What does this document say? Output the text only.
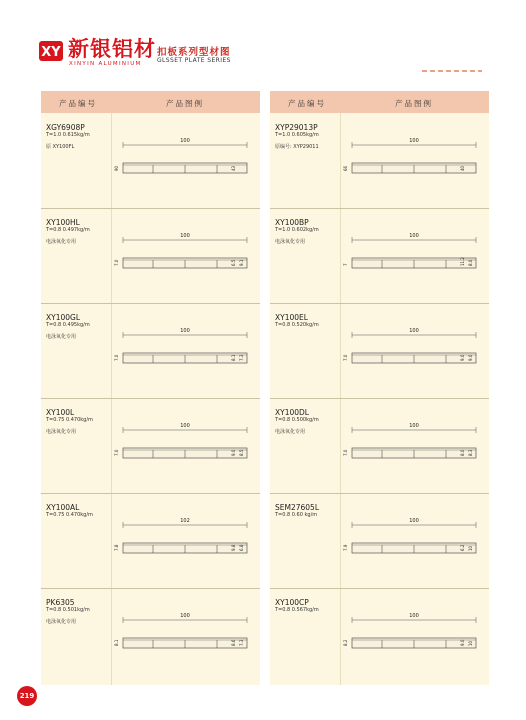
XY 新银铝材
XINYIN ALUMINIUM
扣板系列型材图
GLSSET PLATE SERIES
产品编号	产品图例
XGY6908P
T=1.0 0.615kg/m
原 XY100FL
100
90	43
XY100HL
T=0.8 0.497kg/m
电泳氧化专用
100
7.0	6.5 9.1
XY100GL
T=0.8 0.495kg/m
电泳氧化专用
100
7.0	8.1 7.3
XY100L
T=0.75 0.470kg/m
电泳氧化专用
100
7.0	9.0 8.5
XY100AL
T=0.75 0.470kg/m
102
7.8	9.8 6.8
PK6305
T=0.8 0.501kg/m
电泳氧化专用
100
8.1	8.6 7.3
产品编号	产品图例
XYP29013P
T=1.0 0.605kg/m
原编号: XYP29011
100
66	40
XY100BP
T=1.0 0.602kg/m
电泳氧化专用
100
7	11.2 8.0
XY100EL
T=0.8 0.520kg/m
100
7.0	9.0 9.0
XY100DL
T=0.8 0.500kg/m
电泳氧化专用
100
7.0	8.0 8.3
SEM27605L
T=0.8 0.60 kg/m
100
7.9	6.2 10
XY100CP
T=0.8 0.567kg/m
100
8.2	9.0 10
219
